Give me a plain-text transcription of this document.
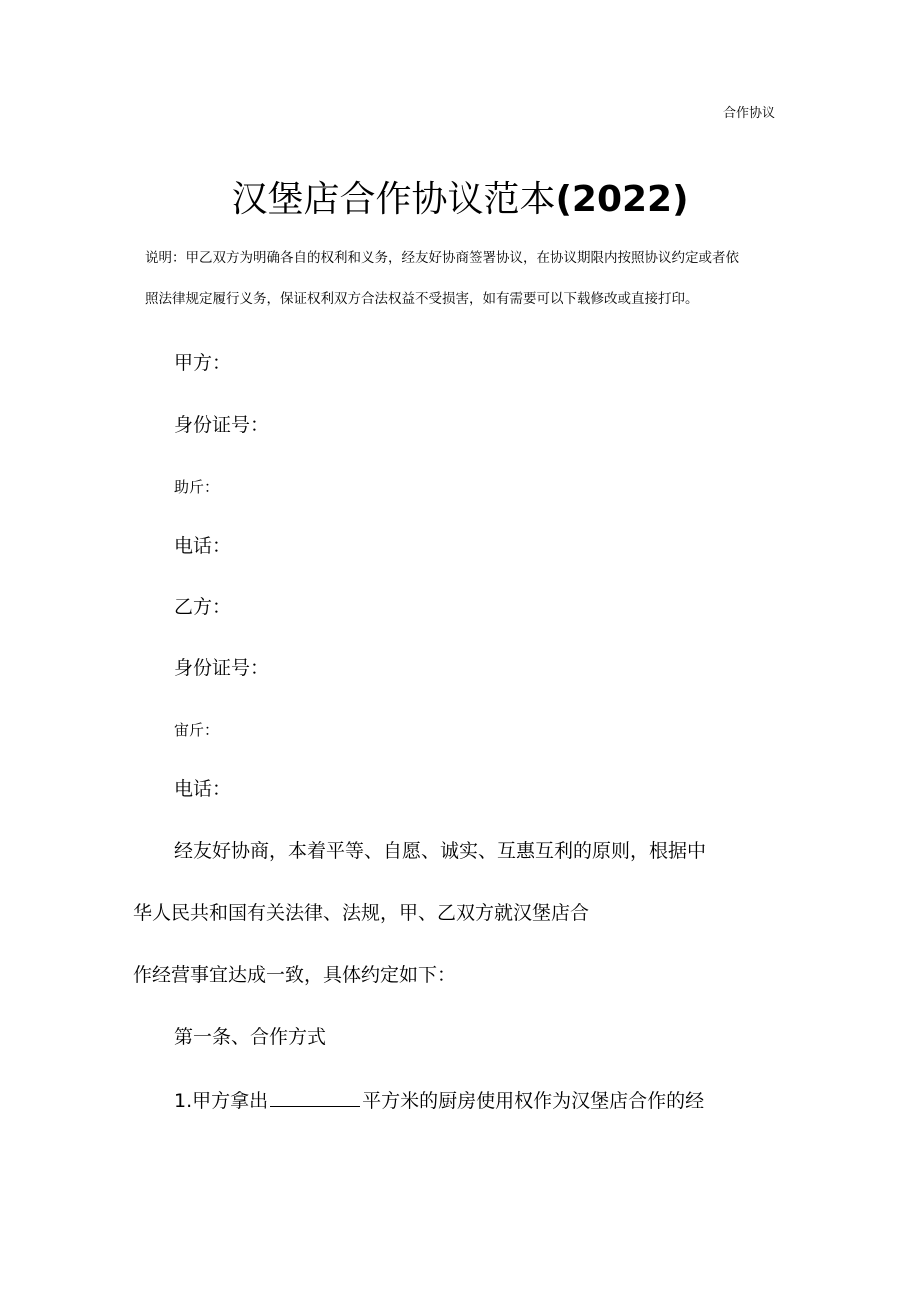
合作协议
汉堡店合作协议范本(2022)
说明：甲乙双方为明确各自的权利和义务，经友好协商签署协议，在协议期限内按照协议约定或者依
照法律规定履行义务，保证权利双方合法权益不受损害，如有需要可以下载修改或直接打印。
甲方：
身份证号：
助斤：
电话：
乙方：
身份证号：
宙斤：
电话：
经友好协商，本着平等、自愿、诚实、互惠互利的原则，根据中
华人民共和国有关法律、法规，甲、乙双方就汉堡店合
作经营事宜达成一致，具体约定如下：
第一条、合作方式
1.甲方拿出	平方米的厨房使用权作为汉堡店合作的经
